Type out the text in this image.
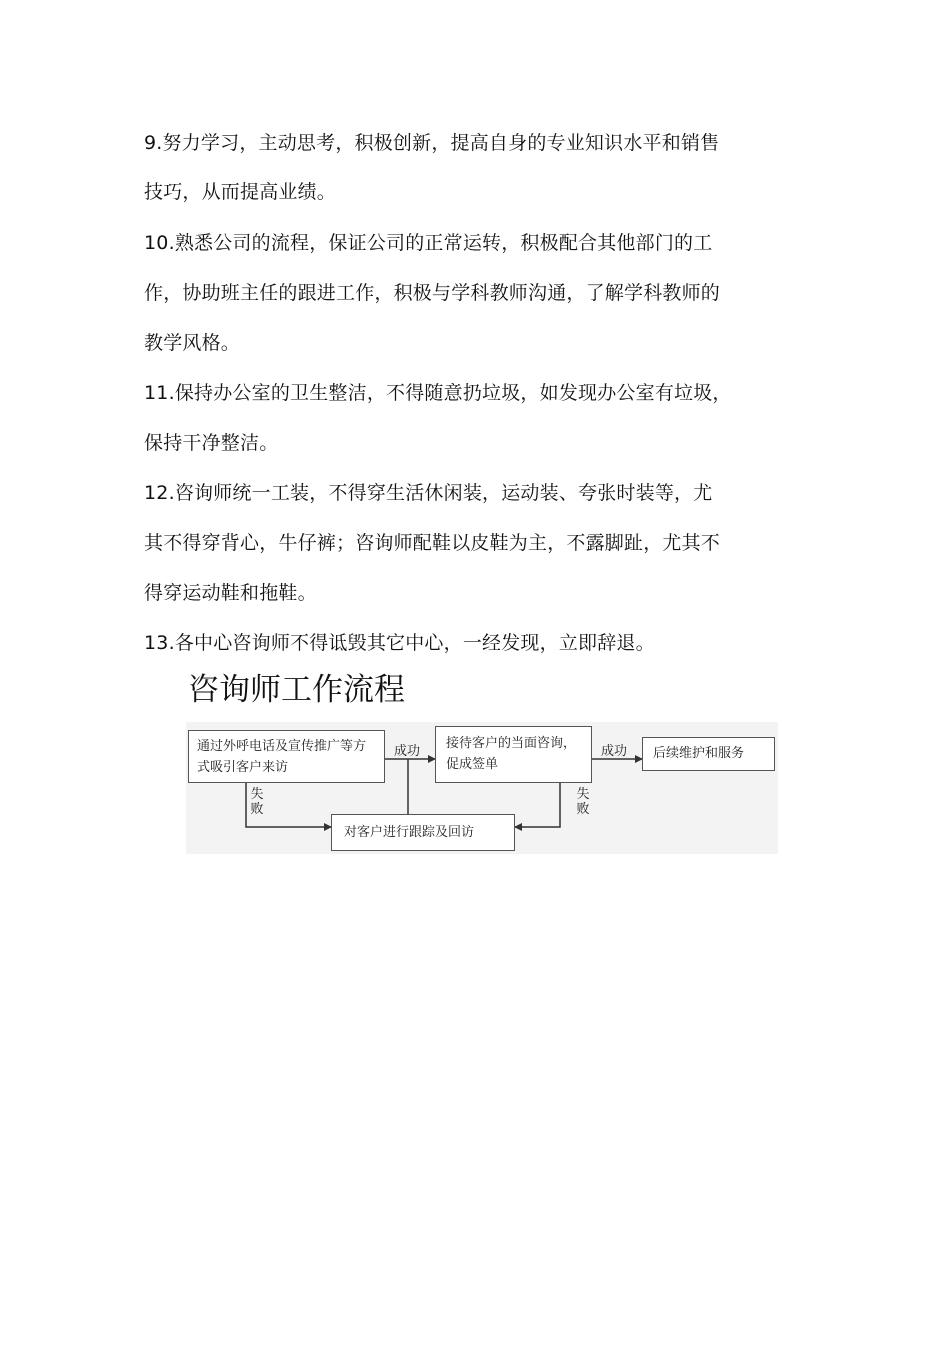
9.努力学习，主动思考，积极创新，提高自身的专业知识水平和销售
技巧，从而提高业绩。
10.熟悉公司的流程，保证公司的正常运转，积极配合其他部门的工
作，协助班主任的跟进工作，积极与学科教师沟通，了解学科教师的
教学风格。
11.保持办公室的卫生整洁，不得随意扔垃圾，如发现办公室有垃圾，
保持干净整洁。
12.咨询师统一工装，不得穿生活休闲装，运动装、夸张时装等，尤
其不得穿背心，牛仔裤；咨询师配鞋以皮鞋为主，不露脚趾，尤其不
得穿运动鞋和拖鞋。
13.各中心咨询师不得诋毁其它中心，一经发现，立即辞退。
咨询师工作流程
通过外呼电话及宣传推广等方式吸引客户来访
接待客户的当面咨询，促成签单
后续维护和服务
对客户进行跟踪及回访
成功	成功
失败
失败
